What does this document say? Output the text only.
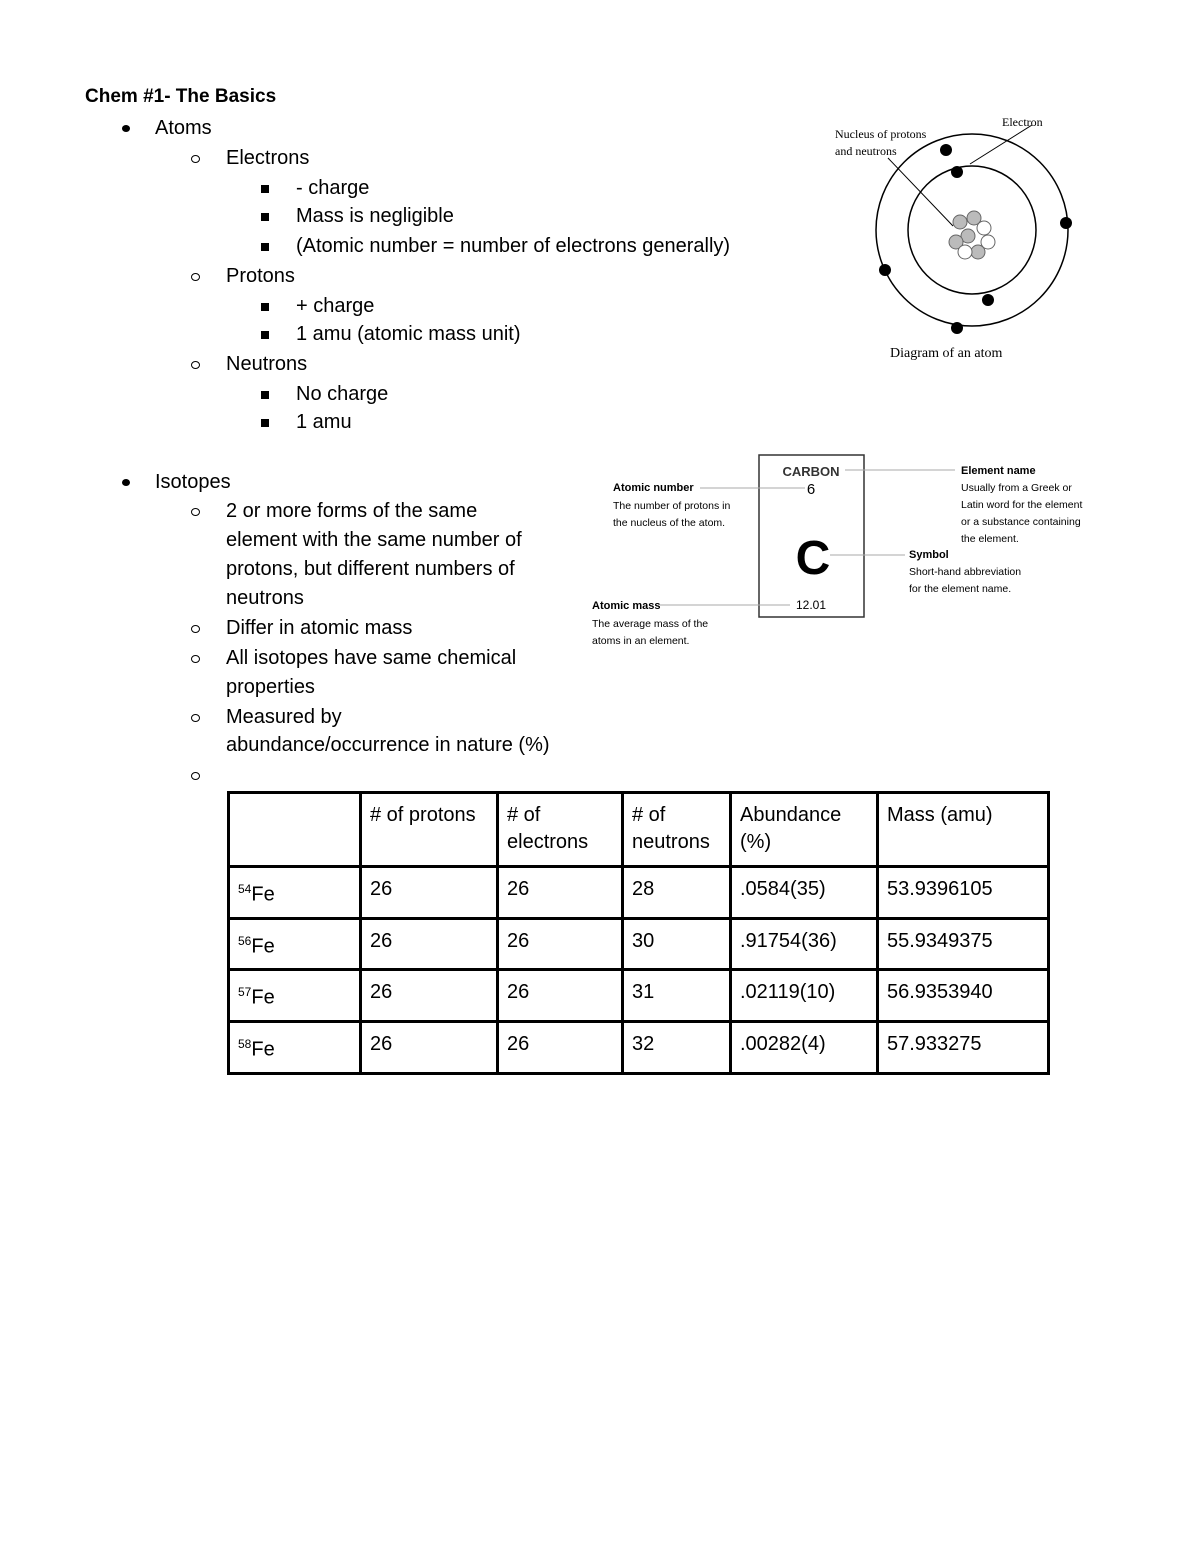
Chem #1- The Basics
Atoms
Electrons
- charge
Mass is negligible
(Atomic number = number of electrons generally)
Protons
+ charge
1 amu (atomic mass unit)
Neutrons
No charge
1 amu
Isotopes
2 or more forms of the same
element with the same number of
protons, but different numbers of
neutrons
Differ in atomic mass
All isotopes have same chemical
properties
Measured by
abundance/occurrence in nature (%)
Nucleus of protons
and neutrons
Electron
Diagram of an atom
CARBON
6
C
12.01
Atomic number
The number of protons in
the nucleus of the atom.
Atomic mass
The average mass of the
atoms in an element.
Element name
Usually from a Greek or
Latin word for the element
or a substance containing
the element.
Symbol
Short-hand abbreviation
for the element name.
	# of protons	# of electrons	# of neutrons	Abundance (%)	Mass (amu)
$^{54}$Fe	26	26	28	.0584(35)	53.9396105
$^{56}$Fe	26	26	30	.91754(36)	55.9349375
$^{57}$Fe	26	26	31	.02119(10)	56.9353940
$^{58}$Fe	26	26	32	.00282(4)	57.933275
